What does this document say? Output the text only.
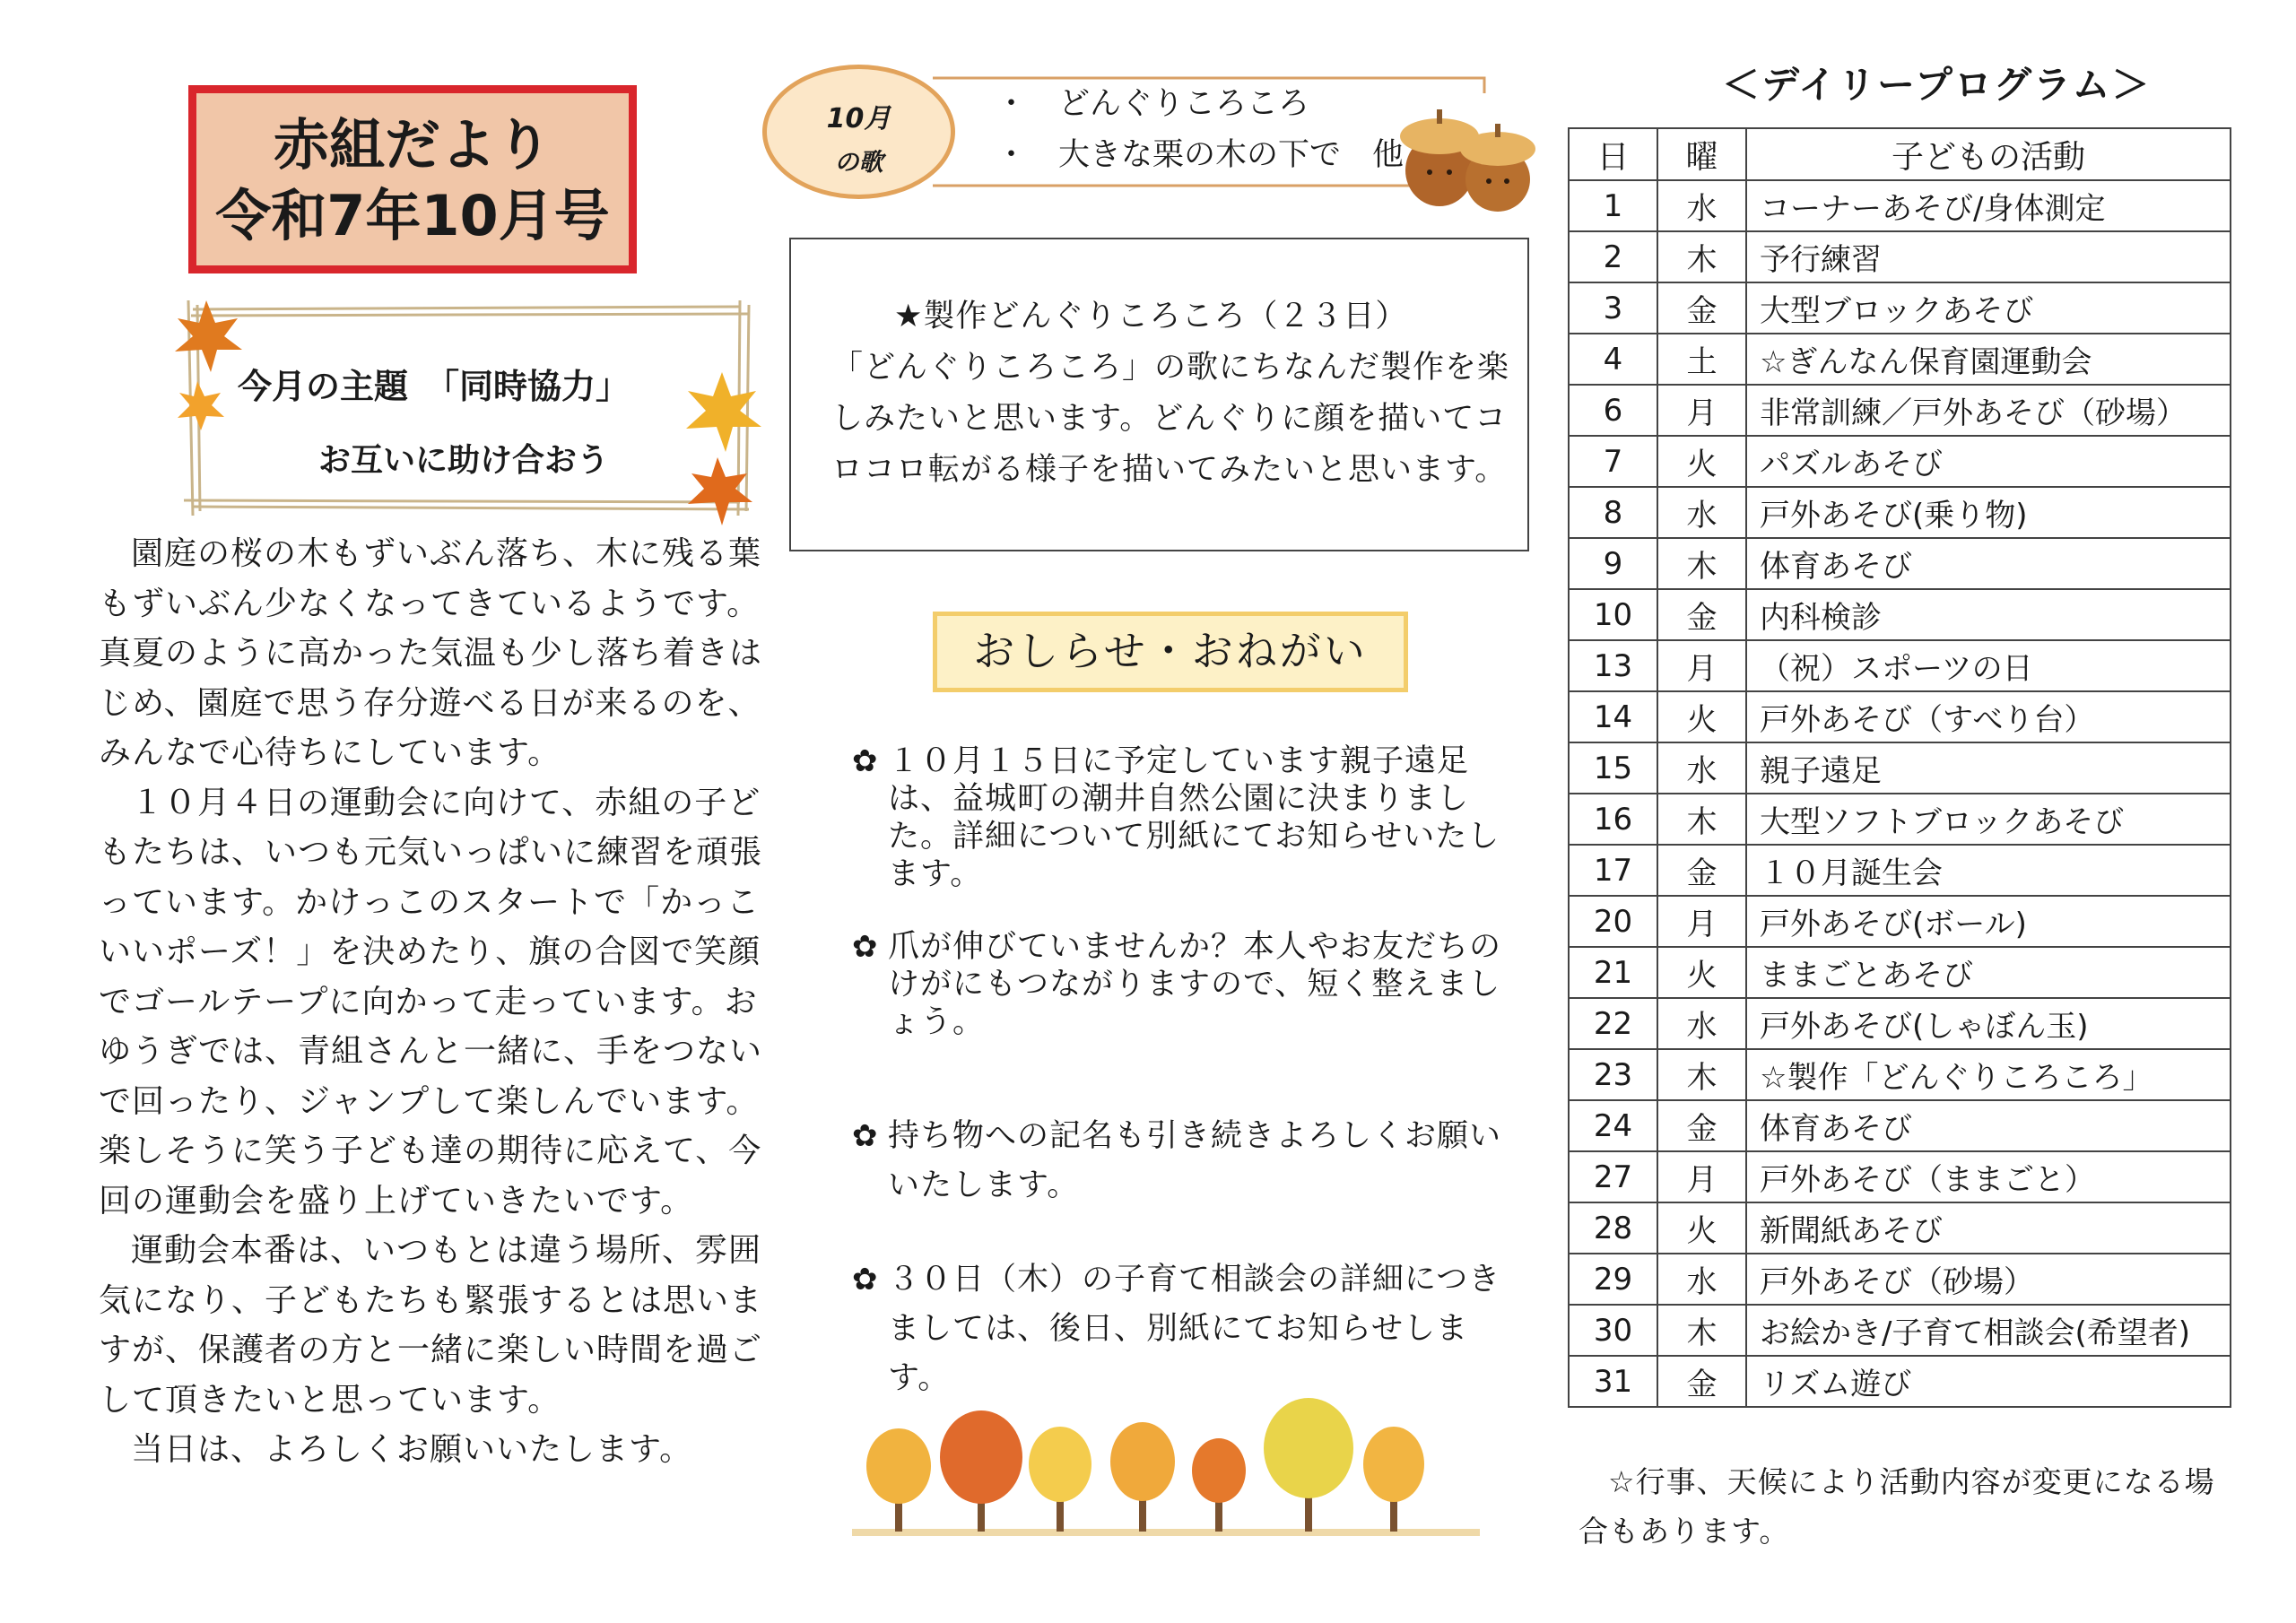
赤組だより
令和7年10月号
今月の主題　「同時協力」
お互いに助け合おう

園庭の桜の木もずいぶん落ち、木に残る葉もずいぶん少なくなってきているようです。真夏のように高かった気温も少し落ち着きはじめ、園庭で思う存分遊べる日が来るのを、みんなで心待ちにしています。

１０月４日の運動会に向けて、赤組の子どもたちは、いつも元気いっぱいに練習を頑張っています。かけっこのスタートで「かっこいいポーズ！」を決めたり、旗の合図で笑顔でゴールテープに向かって走っています。おゆうぎでは、青組さんと一緒に、手をつないで回ったり、ジャンプして楽しんでいます。楽しそうに笑う子ども達の期待に応えて、今回の運動会を盛り上げていきたいです。

運動会本番は、いつもとは違う場所、雰囲気になり、子どもたちも緊張するとは思いますが、保護者の方と一緒に楽しい時間を過ごして頂きたいと思っています。

当日は、よろしくお願いいたします。

10月
の歌
・　どんぐりころころ
・　大きな栗の木の下で　他
★製作どんぐりころころ（２３日）
「どんぐりころころ」の歌にちなんだ製作を楽しみたいと思います。どんぐりに顔を描いてコロコロ転がる様子を描いてみたいと思います。
おしらせ・おねがい
✿ １０月１５日に予定しています親子遠足は、益城町の潮井自然公園に決まりました。詳細について別紙にてお知らせいたします。
✿ 爪が伸びていませんか？本人やお友だちのけがにもつながりますので、短く整えましょう。
✿ 持ち物への記名も引き続きよろしくお願いいたします。
✿ ３０日（木）の子育て相談会の詳細につきましては、後日、別紙にてお知らせします。
＜デイリープログラム＞
日	曜	子どもの活動
1	水	コーナーあそび/身体測定
2	木	予行練習
3	金	大型ブロックあそび
4	土	☆ぎんなん保育園運動会
6	月	非常訓練／戸外あそび（砂場）
7	火	パズルあそび
8	水	戸外あそび(乗り物)
9	木	体育あそび
10	金	内科検診
13	月	（祝）スポーツの日
14	火	戸外あそび（すべり台）
15	水	親子遠足
16	木	大型ソフトブロックあそび
17	金	１０月誕生会
20	月	戸外あそび(ボール)
21	火	ままごとあそび
22	水	戸外あそび(しゃぼん玉)
23	木	☆製作「どんぐりころころ」
24	金	体育あそび
27	月	戸外あそび（ままごと）
28	火	新聞紙あそび
29	水	戸外あそび（砂場）
30	木	お絵かき/子育て相談会(希望者)
31	金	リズム遊び
☆行事、天候により活動内容が変更になる場合もあります。
